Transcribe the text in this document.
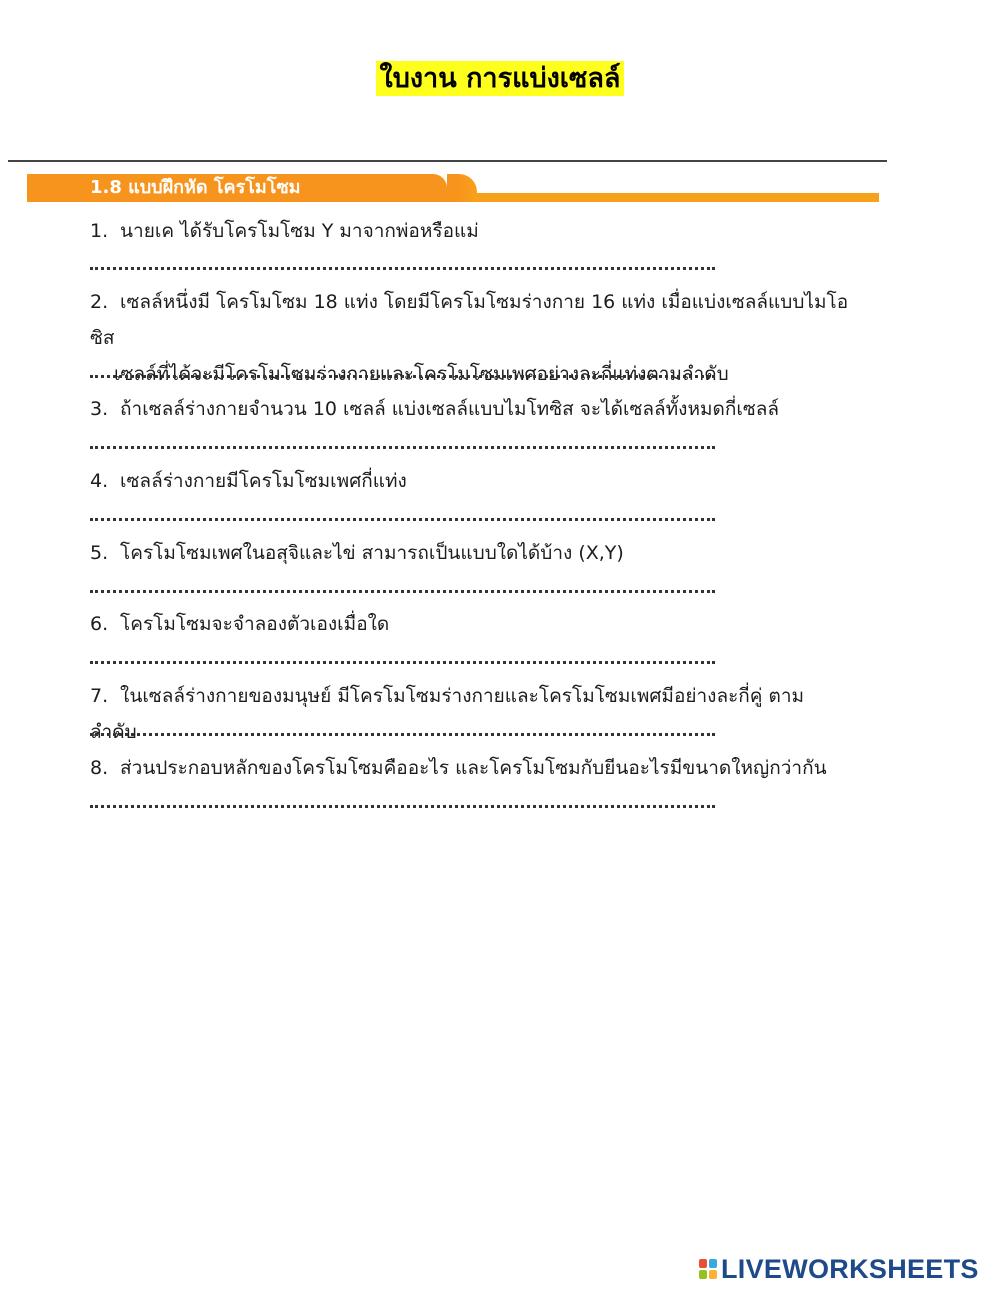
ใบงาน การแบ่งเซลล์
1.8 แบบฝึกหัด โครโมโซม
1. นายเค ได้รับโครโมโซม Y มาจากพ่อหรือแม่
2. เซลล์หนึ่งมี โครโมโซม 18 แท่ง โดยมีโครโมโซมร่างกาย 16 แท่ง เมื่อแบ่งเซลล์แบบไมโอซิส
เซลล์ที่ได้จะมีโครโมโซมร่างกายและโครโมโซมเพศอย่างละกี่แท่งตามลำดับ
3. ถ้าเซลล์ร่างกายจำนวน 10 เซลล์ แบ่งเซลล์แบบไมโทซิส จะได้เซลล์ทั้งหมดกี่เซลล์
4. เซลล์ร่างกายมีโครโมโซมเพศกี่แท่ง
5. โครโมโซมเพศในอสุจิและไข่ สามารถเป็นแบบใดได้บ้าง (X,Y)
6. โครโมโซมจะจำลองตัวเองเมื่อใด
7. ในเซลล์ร่างกายของมนุษย์ มีโครโมโซมร่างกายและโครโมโซมเพศมีอย่างละกี่คู่ ตามลำดับ
8. ส่วนประกอบหลักของโครโมโซมคืออะไร และโครโมโซมกับยีนอะไรมีขนาดใหญ่กว่ากัน
LIVEWORKSHEETS
